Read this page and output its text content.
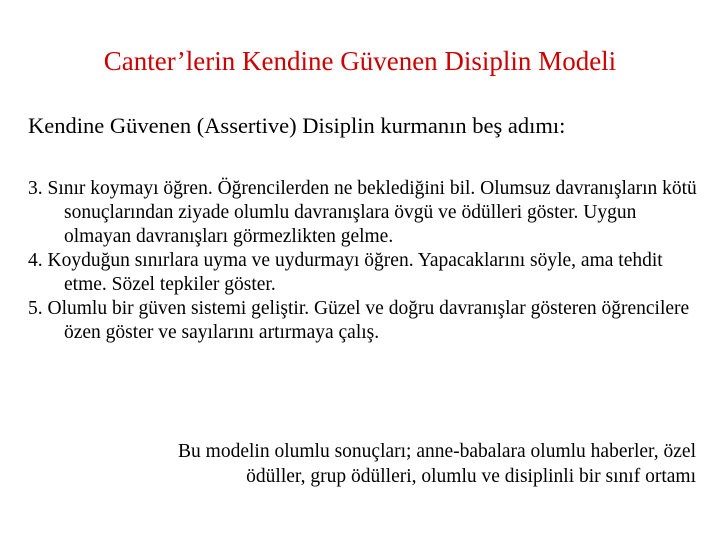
Canter’lerin Kendine Güvenen Disiplin Modeli
Kendine Güvenen (Assertive) Disiplin kurmanın beş adımı:
3. Sınır koymayı öğren. Öğrencilerden ne beklediğini bil. Olumsuz davranışların kötü sonuçlarından ziyade olumlu davranışlara övgü ve ödülleri göster. Uygun olmayan davranışları görmezlikten gelme.
4. Koyduğun sınırlara uyma ve uydurmayı öğren. Yapacaklarını söyle, ama tehdit etme. Sözel tepkiler göster.
5. Olumlu bir güven sistemi geliştir. Güzel ve doğru davranışlar gösteren öğrencilere özen göster ve sayılarını artırmaya çalış.
Bu modelin olumlu sonuçları; anne-babalara olumlu haberler, özel
ödüller, grup ödülleri, olumlu ve disiplinli bir sınıf ortamı
